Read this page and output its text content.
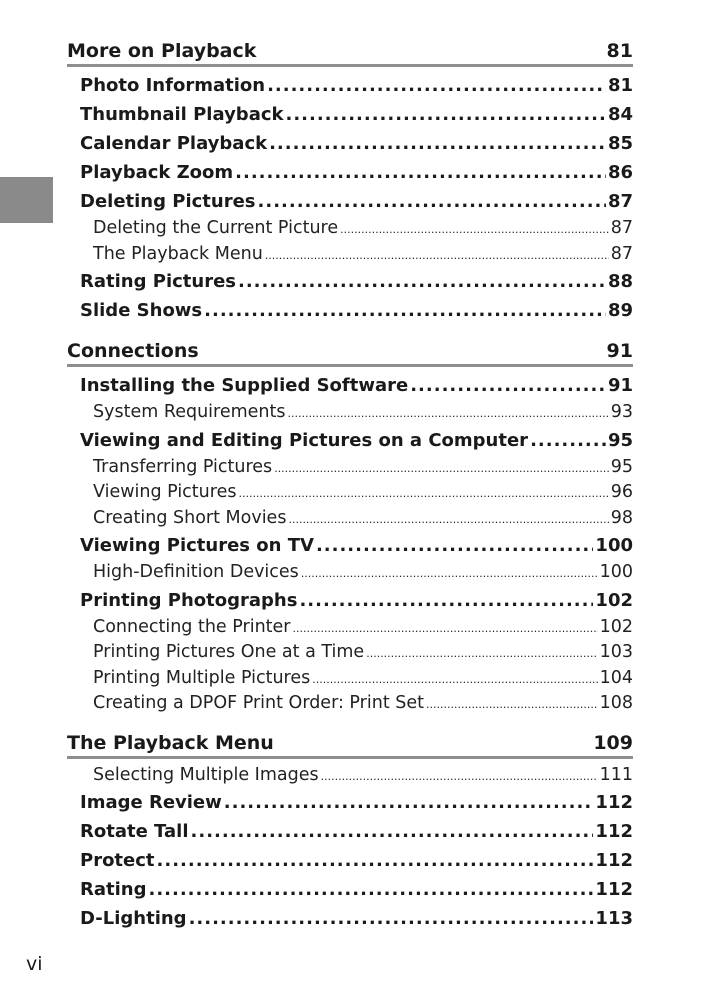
More on Playback	81
Photo Information .....	81
Thumbnail Playback .....	84
Calendar Playback .....	85
Playback Zoom .....	86
Deleting Pictures .....	87
Deleting the Current Picture .....	87
The Playback Menu .....	87
Rating Pictures .....	88
Slide Shows .....	89
Connections	91
Installing the Supplied Software .....	91
System Requirements .....	93
Viewing and Editing Pictures on a Computer .....	95
Transferring Pictures .....	95
Viewing Pictures .....	96
Creating Short Movies .....	98
Viewing Pictures on TV .....	100
High-Definition Devices .....	100
Printing Photographs .....	102
Connecting the Printer .....	102
Printing Pictures One at a Time .....	103
Printing Multiple Pictures .....	104
Creating a DPOF Print Order: Print Set .....	108
The Playback Menu	109
Selecting Multiple Images .....	111
Image Review .....	112
Rotate Tall .....	112
Protect .....	112
Rating .....	112
D-Lighting .....	113
vi
